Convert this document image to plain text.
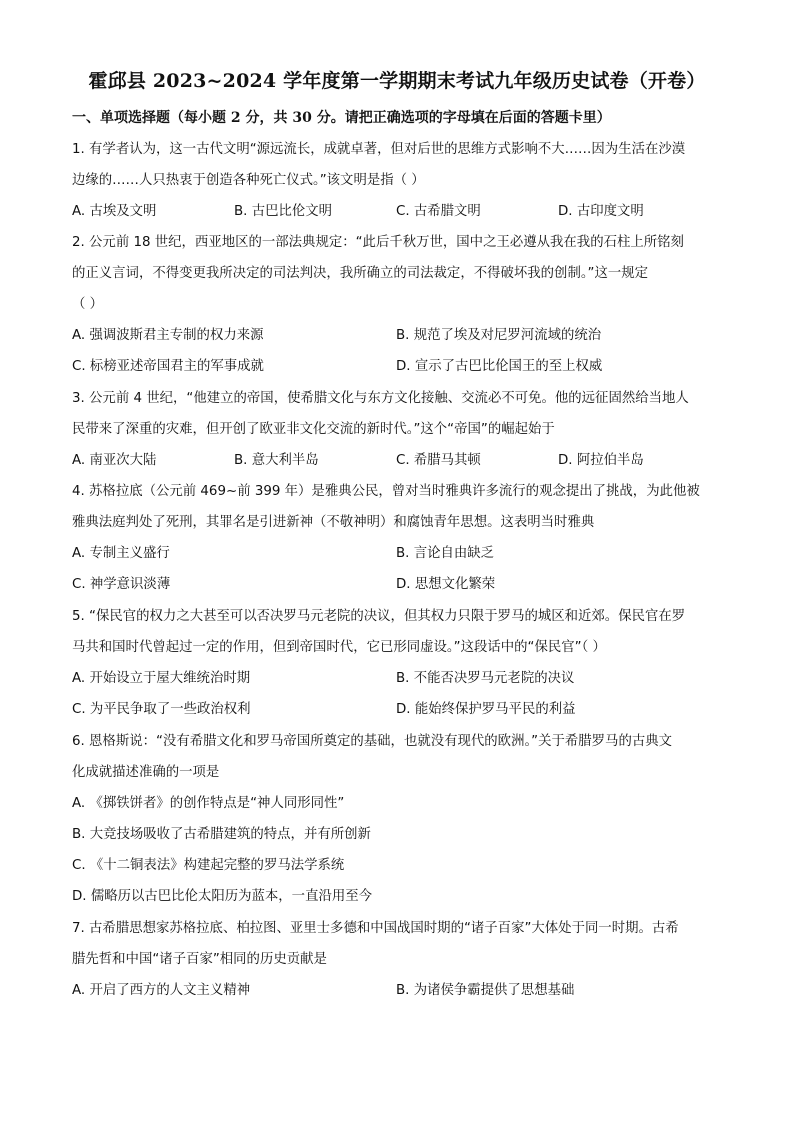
霍邱县 2023~2024 学年度第一学期期末考试九年级历史试卷（开卷）
一、单项选择题（每小题 2 分，共 30 分。请把正确选项的字母填在后面的答题卡里）
1. 有学者认为，这一古代文明“源远流长，成就卓著，但对后世的思维方式影响不大……因为生活在沙漠
边缘的……人只热衷于创造各种死亡仪式。”该文明是指（ ）
A. 古埃及文明	B. 古巴比伦文明	C. 古希腊文明	D. 古印度文明
2. 公元前 18 世纪，西亚地区的一部法典规定：“此后千秋万世，国中之王必遵从我在我的石柱上所铭刻
的正义言词，不得变更我所决定的司法判决，我所确立的司法裁定，不得破坏我的创制。”这一规定
（ ）
A. 强调波斯君主专制的权力来源	B. 规范了埃及对尼罗河流域的统治
C. 标榜亚述帝国君主的军事成就	D. 宣示了古巴比伦国王的至上权威
3. 公元前 4 世纪，“他建立的帝国，使希腊文化与东方文化接触、交流必不可免。他的远征固然给当地人
民带来了深重的灾难，但开创了欧亚非文化交流的新时代。”这个“帝国”的崛起始于
A. 南亚次大陆	B. 意大利半岛	C. 希腊马其顿	D. 阿拉伯半岛
4. 苏格拉底（公元前 469~前 399 年）是雅典公民，曾对当时雅典许多流行的观念提出了挑战，为此他被
雅典法庭判处了死刑，其罪名是引进新神（不敬神明）和腐蚀青年思想。这表明当时雅典
A. 专制主义盛行	B. 言论自由缺乏
C. 神学意识淡薄	D. 思想文化繁荣
5. “保民官的权力之大甚至可以否决罗马元老院的决议，但其权力只限于罗马的城区和近郊。保民官在罗
马共和国时代曾起过一定的作用，但到帝国时代，它已形同虚设。”这段话中的“保民官”（ ）
A. 开始设立于屋大维统治时期	B. 不能否决罗马元老院的决议
C. 为平民争取了一些政治权利	D. 能始终保护罗马平民的利益
6. 恩格斯说：“没有希腊文化和罗马帝国所奠定的基础，也就没有现代的欧洲。”关于希腊罗马的古典文
化成就描述准确的一项是
A. 《掷铁饼者》的创作特点是“神人同形同性”
B. 大竞技场吸收了古希腊建筑的特点，并有所创新
C. 《十二铜表法》构建起完整的罗马法学系统
D. 儒略历以古巴比伦太阳历为蓝本，一直沿用至今
7. 古希腊思想家苏格拉底、柏拉图、亚里士多德和中国战国时期的“诸子百家”大体处于同一时期。古希
腊先哲和中国“诸子百家”相同的历史贡献是
A. 开启了西方的人文主义精神	B. 为诸侯争霸提供了思想基础
